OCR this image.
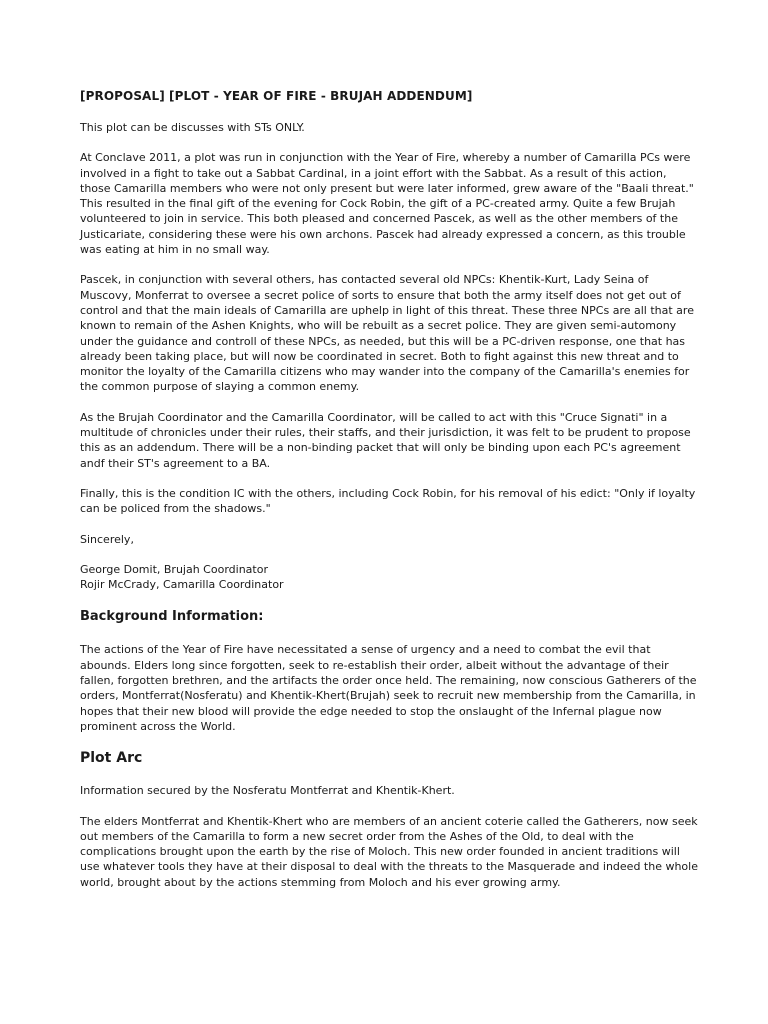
[PROPOSAL] [PLOT - YEAR OF FIRE - BRUJAH ADDENDUM]

This plot can be discusses with STs ONLY.

At Conclave 2011, a plot was run in conjunction with the Year of Fire, whereby a number of Camarilla PCs were involved in a fight to take out a Sabbat Cardinal, in a joint effort with the Sabbat. As a result of this action, those Camarilla members who were not only present but were later informed, grew aware of the "Baali threat." This resulted in the final gift of the evening for Cock Robin, the gift of a PC-created army. Quite a few Brujah volunteered to join in service. This both pleased and concerned Pascek, as well as the other members of the Justicariate, considering these were his own archons. Pascek had already expressed a concern, as this trouble was eating at him in no small way.

Pascek, in conjunction with several others, has contacted several old NPCs: Khentik-Kurt, Lady Seina of Muscovy, Monferrat to oversee a secret police of sorts to ensure that both the army itself does not get out of control and that the main ideals of Camarilla are uphelp in light of this threat. These three NPCs are all that are known to remain of the Ashen Knights, who will be rebuilt as a secret police. They are given semi-automony under the guidance and controll of these NPCs, as needed, but this will be a PC-driven response, one that has already been taking place, but will now be coordinated in secret. Both to fight against this new threat and to monitor the loyalty of the Camarilla citizens who may wander into the company of the Camarilla's enemies for the common purpose of slaying a common enemy.

As the Brujah Coordinator and the Camarilla Coordinator, will be called to act with this "Cruce Signati" in a multitude of chronicles under their rules, their staffs, and their jurisdiction, it was felt to be prudent to propose this as an addendum. There will be a non-binding packet that will only be binding upon each PC's agreement andf their ST's agreement to a BA.

Finally, this is the condition IC with the others, including Cock Robin, for his removal of his edict: "Only if loyalty can be policed from the shadows."

Sincerely,

George Domit, Brujah Coordinator
Rojir McCrady, Camarilla Coordinator

Background Information:

The actions of the Year of Fire have necessitated a sense of urgency and a need to combat the evil that abounds. Elders long since forgotten, seek to re-establish their order, albeit without the advantage of their fallen, forgotten brethren, and the artifacts the order once held. The remaining, now conscious Gatherers of the orders, Montferrat(Nosferatu) and Khentik-Khert(Brujah) seek to recruit new membership from the Camarilla, in hopes that their new blood will provide the edge needed to stop the onslaught of the Infernal plague now prominent across the World.

Plot Arc

Information secured by the Nosferatu Montferrat and Khentik-Khert.

The elders Montferrat and Khentik-Khert who are members of an ancient coterie called the Gatherers, now seek out members of the Camarilla to form a new secret order from the Ashes of the Old, to deal with the complications brought upon the earth by the rise of Moloch. This new order founded in ancient traditions will use whatever tools they have at their disposal to deal with the threats to the Masquerade and indeed the whole world, brought about by the actions stemming from Moloch and his ever growing army.
